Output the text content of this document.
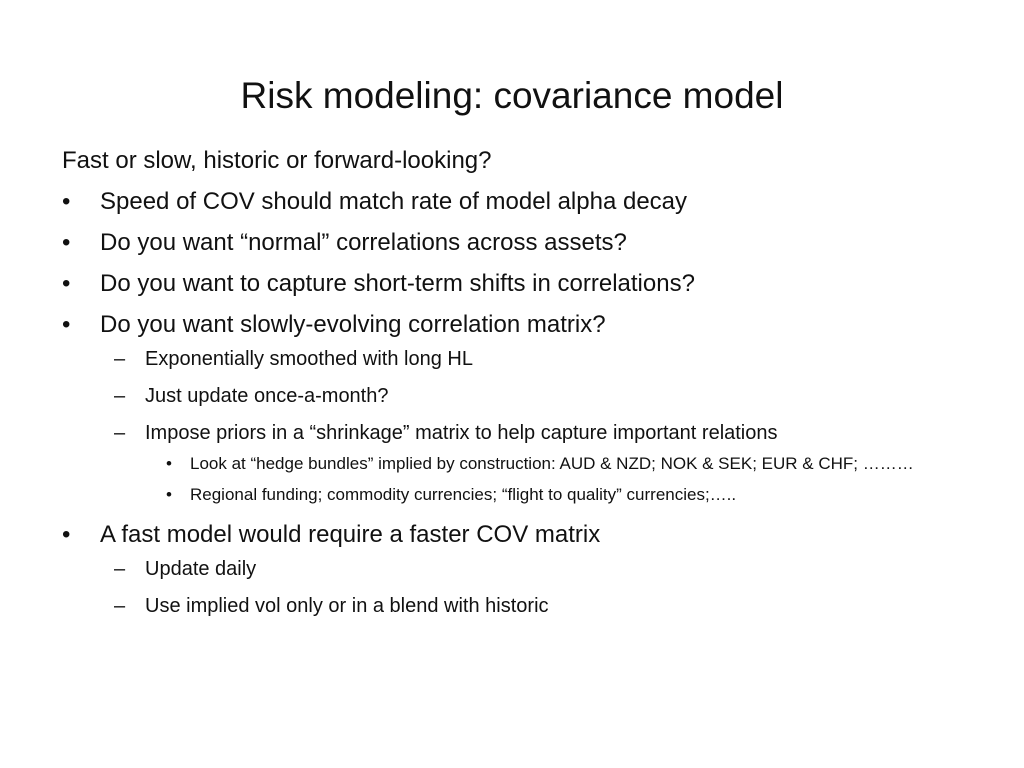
Risk modeling: covariance model
Fast or slow, historic or forward-looking?
• Speed of COV should match rate of model alpha decay
• Do you want “normal” correlations across assets?
• Do you want to capture short-term shifts in correlations?
• Do you want slowly-evolving correlation matrix?
– Exponentially smoothed with long HL
– Just update once-a-month?
– Impose priors in a “shrinkage” matrix to help capture important relations
• Look at “hedge bundles” implied by construction: AUD & NZD; NOK & SEK; EUR & CHF; ………
• Regional funding; commodity currencies; “flight to quality” currencies;…..
• A fast model would require a faster COV matrix
– Update daily
– Use implied vol only or in a blend with historic
